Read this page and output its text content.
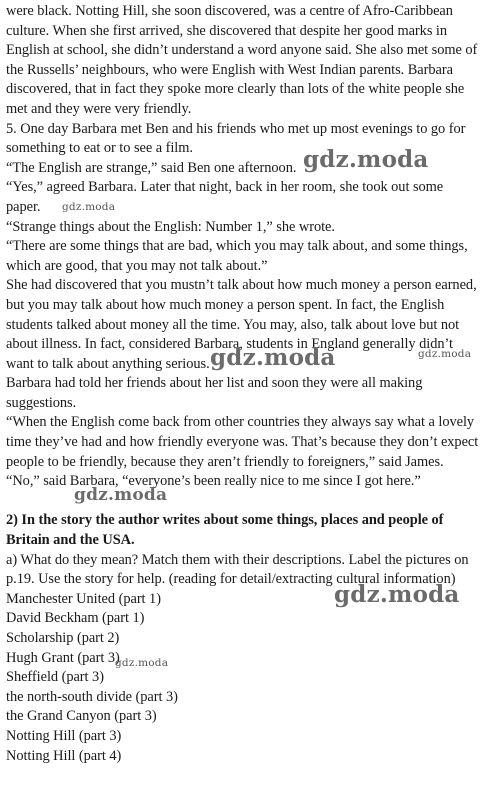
were black. Notting Hill, she soon discovered, was a centre of Afro-Caribbean
culture. When she first arrived, she discovered that despite her good marks in
English at school, she didn’t understand a word anyone said. She also met some of
the Russells’ neighbours, who were English with West Indian parents. Barbara
discovered, that in fact they spoke more clearly than lots of the white people she
met and they were very friendly.
5. One day Barbara met Ben and his friends who met up most evenings to go for
something to eat or to see a film.
“The English are strange,” said Ben one afternoon.
“Yes,” agreed Barbara. Later that night, back in her room, she took out some
paper.
“Strange things about the English: Number 1,” she wrote.
“There are some things that are bad, which you may talk about, and some things,
which are good, that you may not talk about.”
She had discovered that you mustn’t talk about how much money a person earned,
but you may talk about how much money a person spent. In fact, the English
students talked about money all the time. You may, also, talk about love but not
about illness. In fact, considered Barbara, students in England generally didn’t
want to talk about anything serious.
Barbara had told her friends about her list and soon they were all making
suggestions.
“When the English come back from other countries they always say what a lovely
time they’ve had and how friendly everyone was. That’s because they don’t expect
people to be friendly, because they aren’t friendly to foreigners,” said James.
“No,” said Barbara, “everyone’s been really nice to me since I got here.”
2) In the story the author writes about some things, places and people of
Britain and the USA.
a) What do they mean? Match them with their descriptions. Label the pictures on
p.19. Use the story for help. (reading for detail/extracting cultural information)
Manchester United (part 1)
David Beckham (part 1)
Scholarship (part 2)
Hugh Grant (part 3)
Sheffield (part 3)
the north-south divide (part 3)
the Grand Canyon (part 3)
Notting Hill (part 3)
Notting Hill (part 4)
gdz.moda
gdz.moda
gdz.moda	gdz.moda
gdz.moda
gdz.moda
gdz.moda
